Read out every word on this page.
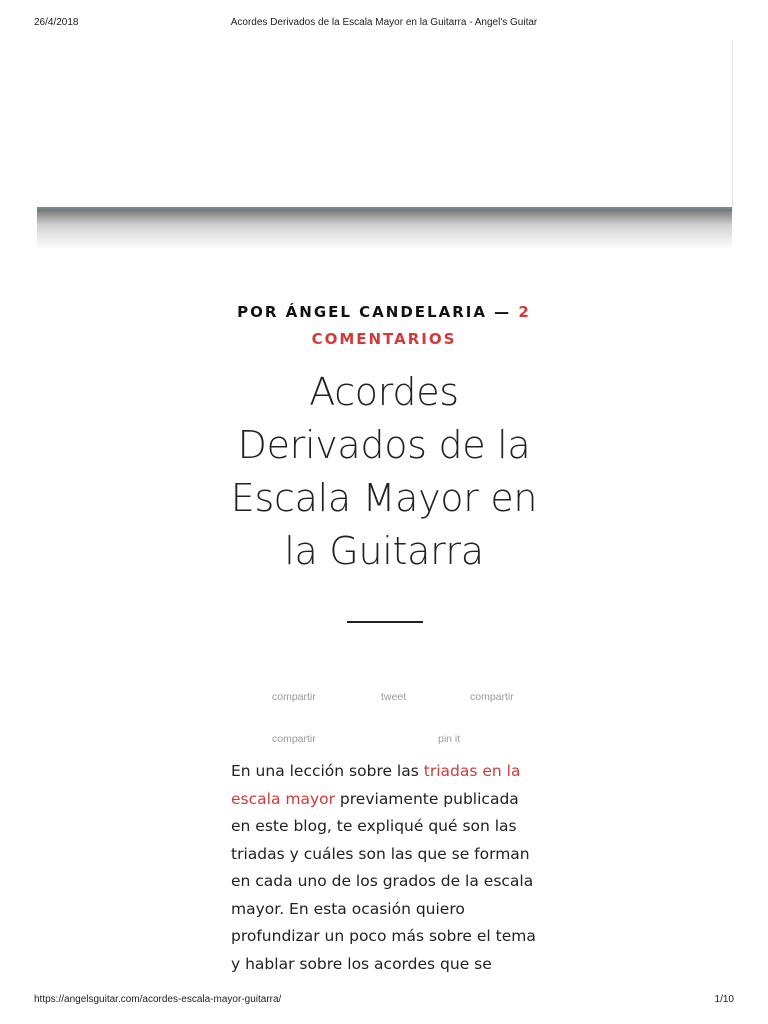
26/4/2018	Acordes Derivados de la Escala Mayor en la Guitarra - Angel's Guitar
POR ÁNGEL CANDELARIA — 2
COMENTARIOS
Acordes
Derivados de la
Escala Mayor en
la Guitarra
compartir	tweet	compartir
compartir	pin it
En una lección sobre las triadas en la escala mayor previamente publicada en este blog, te expliqué qué son las triadas y cuáles son las que se forman en cada uno de los grados de la escala mayor. En esta ocasión quiero profundizar un poco más sobre el tema y hablar sobre los acordes que se
https://angelsguitar.com/acordes-escala-mayor-guitarra/	1/10
